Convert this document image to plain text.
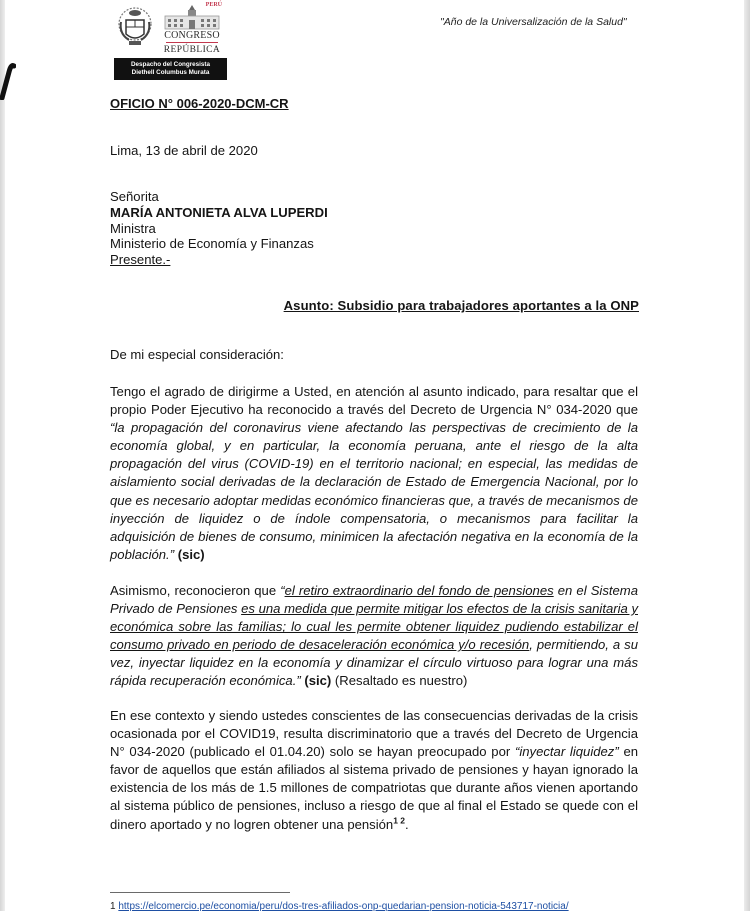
PERÚ
CONGRESO
REPÚBLICA
Despacho del Congresista
Diethell Columbus Murata
"Año de la Universalización de la Salud"
OFICIO N° 006-2020-DCM-CR
Lima, 13 de abril de 2020
Señorita
MARÍA ANTONIETA ALVA LUPERDI
Ministra
Ministerio de Economía y Finanzas
Presente.-
Asunto: Subsidio para trabajadores aportantes a la ONP
De mi especial consideración:
Tengo el agrado de dirigirme a Usted, en atención al asunto indicado, para resaltar que el propio Poder Ejecutivo ha reconocido a través del Decreto de Urgencia N° 034-2020 que “la propagación del coronavirus viene afectando las perspectivas de crecimiento de la economía global, y en particular, la economía peruana, ante el riesgo de la alta propagación del virus (COVID-19) en el territorio nacional; en especial, las medidas de aislamiento social derivadas de la declaración de Estado de Emergencia Nacional, por lo que es necesario adoptar medidas económico financieras que, a través de mecanismos de inyección de liquidez o de índole compensatoria, o mecanismos para facilitar la adquisición de bienes de consumo, minimicen la afectación negativa en la economía de la población.” (sic)
Asimismo, reconocieron que “el retiro extraordinario del fondo de pensiones en el Sistema Privado de Pensiones es una medida que permite mitigar los efectos de la crisis sanitaria y económica sobre las familias; lo cual les permite obtener liquidez pudiendo estabilizar el consumo privado en periodo de desaceleración económica y/o recesión, permitiendo, a su vez, inyectar liquidez en la economía y dinamizar el círculo virtuoso para lograr una más rápida recuperación económica.” (sic) (Resaltado es nuestro)
En ese contexto y siendo ustedes conscientes de las consecuencias derivadas de la crisis ocasionada por el COVID19, resulta discriminatorio que a través del Decreto de Urgencia N° 034-2020 (publicado el 01.04.20) solo se hayan preocupado por “inyectar liquidez” en favor de aquellos que están afiliados al sistema privado de pensiones y hayan ignorado la existencia de los más de 1.5 millones de compatriotas que durante años vienen aportando al sistema público de pensiones, incluso a riesgo de que al final el Estado se quede con el dinero aportado y no logren obtener una pensión$^{1 2}$.
1 https://elcomercio.pe/economia/peru/dos-tres-afiliados-onp-quedarian-pension-noticia-543717-noticia/
